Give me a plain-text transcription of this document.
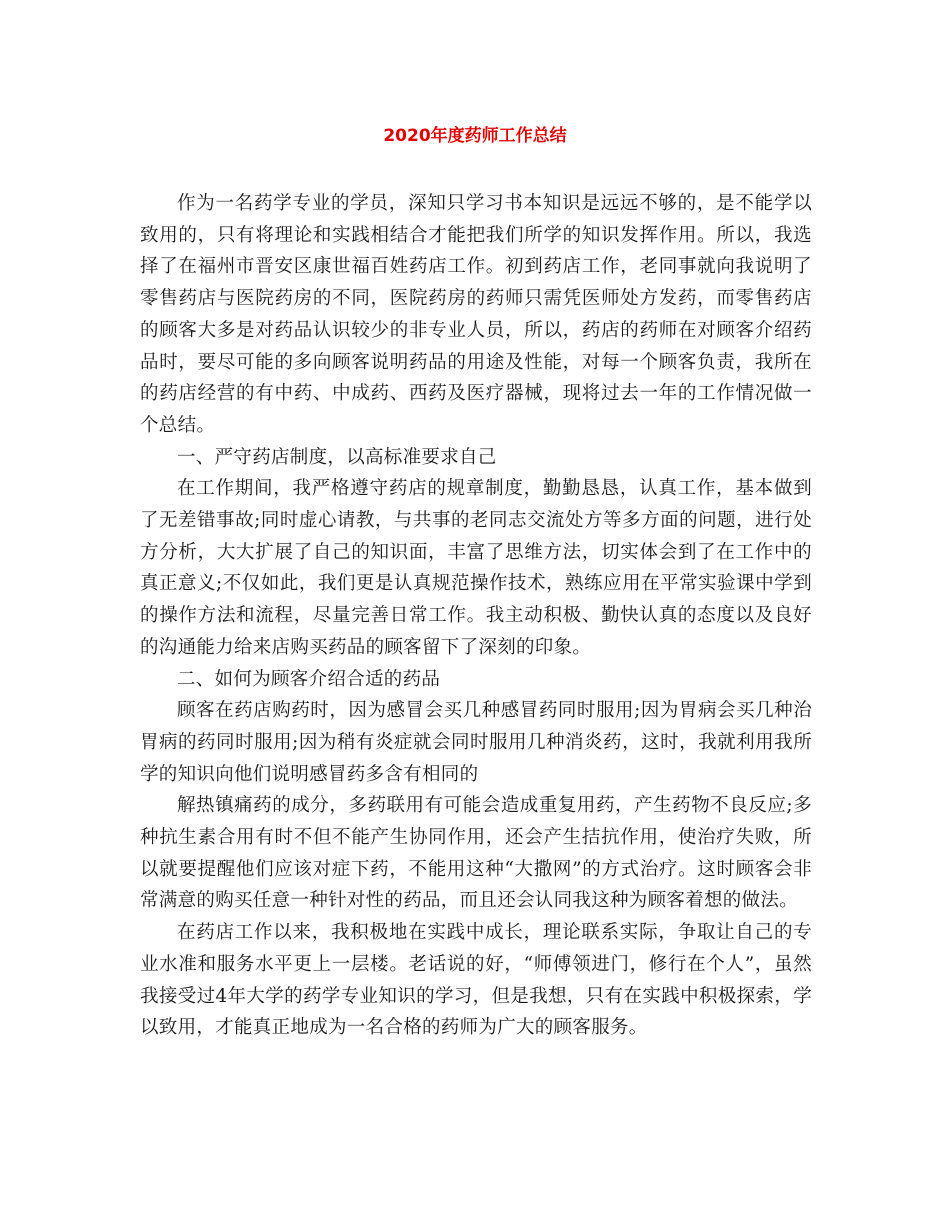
2020年度药师工作总结

作为一名药学专业的学员，深知只学习书本知识是远远不够的，是不能学以致用的，只有将理论和实践相结合才能把我们所学的知识发挥作用。所以，我选择了在福州市晋安区康世福百姓药店工作。初到药店工作，老同事就向我说明了零售药店与医院药房的不同，医院药房的药师只需凭医师处方发药，而零售药店的顾客大多是对药品认识较少的非专业人员，所以，药店的药师在对顾客介绍药品时，要尽可能的多向顾客说明药品的用途及性能，对每一个顾客负责，我所在的药店经营的有中药、中成药、西药及医疗器械，现将过去一年的工作情况做一个总结。

一、严守药店制度，以高标准要求自己

在工作期间，我严格遵守药店的规章制度，勤勤恳恳，认真工作，基本做到了无差错事故;同时虚心请教，与共事的老同志交流处方等多方面的问题，进行处方分析，大大扩展了自己的知识面，丰富了思维方法，切实体会到了在工作中的真正意义;不仅如此，我们更是认真规范操作技术，熟练应用在平常实验课中学到的操作方法和流程，尽量完善日常工作。我主动积极、勤快认真的态度以及良好的沟通能力给来店购买药品的顾客留下了深刻的印象。

二、如何为顾客介绍合适的药品

顾客在药店购药时，因为感冒会买几种感冒药同时服用;因为胃病会买几种治胃病的药同时服用;因为稍有炎症就会同时服用几种消炎药，这时，我就利用我所学的知识向他们说明感冒药多含有相同的

解热镇痛药的成分，多药联用有可能会造成重复用药，产生药物不良反应;多种抗生素合用有时不但不能产生协同作用，还会产生拮抗作用，使治疗失败，所以就要提醒他们应该对症下药，不能用这种“大撒网”的方式治疗。这时顾客会非常满意的购买任意一种针对性的药品，而且还会认同我这种为顾客着想的做法。

在药店工作以来，我积极地在实践中成长，理论联系实际，争取让自己的专业水准和服务水平更上一层楼。老话说的好，“师傅领进门，修行在个人”，虽然我接受过4年大学的药学专业知识的学习，但是我想，只有在实践中积极探索，学以致用，才能真正地成为一名合格的药师为广大的顾客服务。
